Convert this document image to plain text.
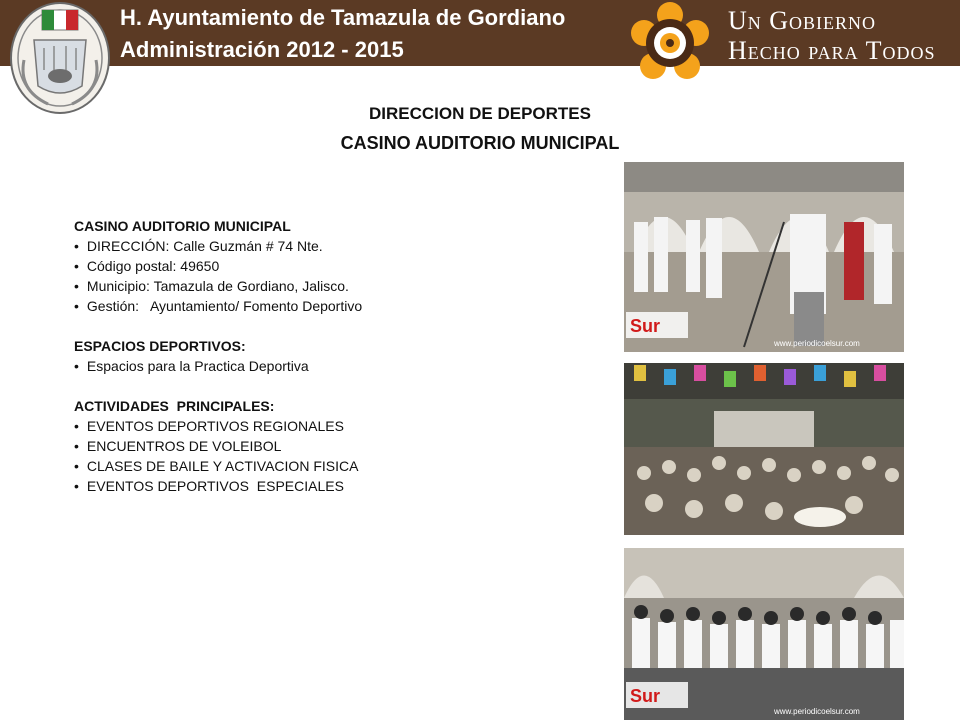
H. Ayuntamiento de Tamazula de Gordiano
Administración 2012 - 2015
Un Gobierno
Hecho para Todos
DIRECCION DE DEPORTES
CASINO AUDITORIO MUNICIPAL
CASINO AUDITORIO MUNICIPAL
• DIRECCIÓN: Calle Guzmán # 74 Nte.
• Código postal: 49650
• Municipio: Tamazula de Gordiano, Jalisco.
• Gestión:   Ayuntamiento/ Fomento Deportivo
ESPACIOS DEPORTIVOS:
• Espacios para la Practica Deportiva
ACTIVIDADES  PRINCIPALES:
• EVENTOS DEPORTIVOS REGIONALES
• ENCUENTROS DE VOLEIBOL
• CLASES DE BAILE Y ACTIVACION FISICA
• EVENTOS DEPORTIVOS  ESPECIALES
Sur
www.periodicoelsur.com
Sur
www.periodicoelsur.com
